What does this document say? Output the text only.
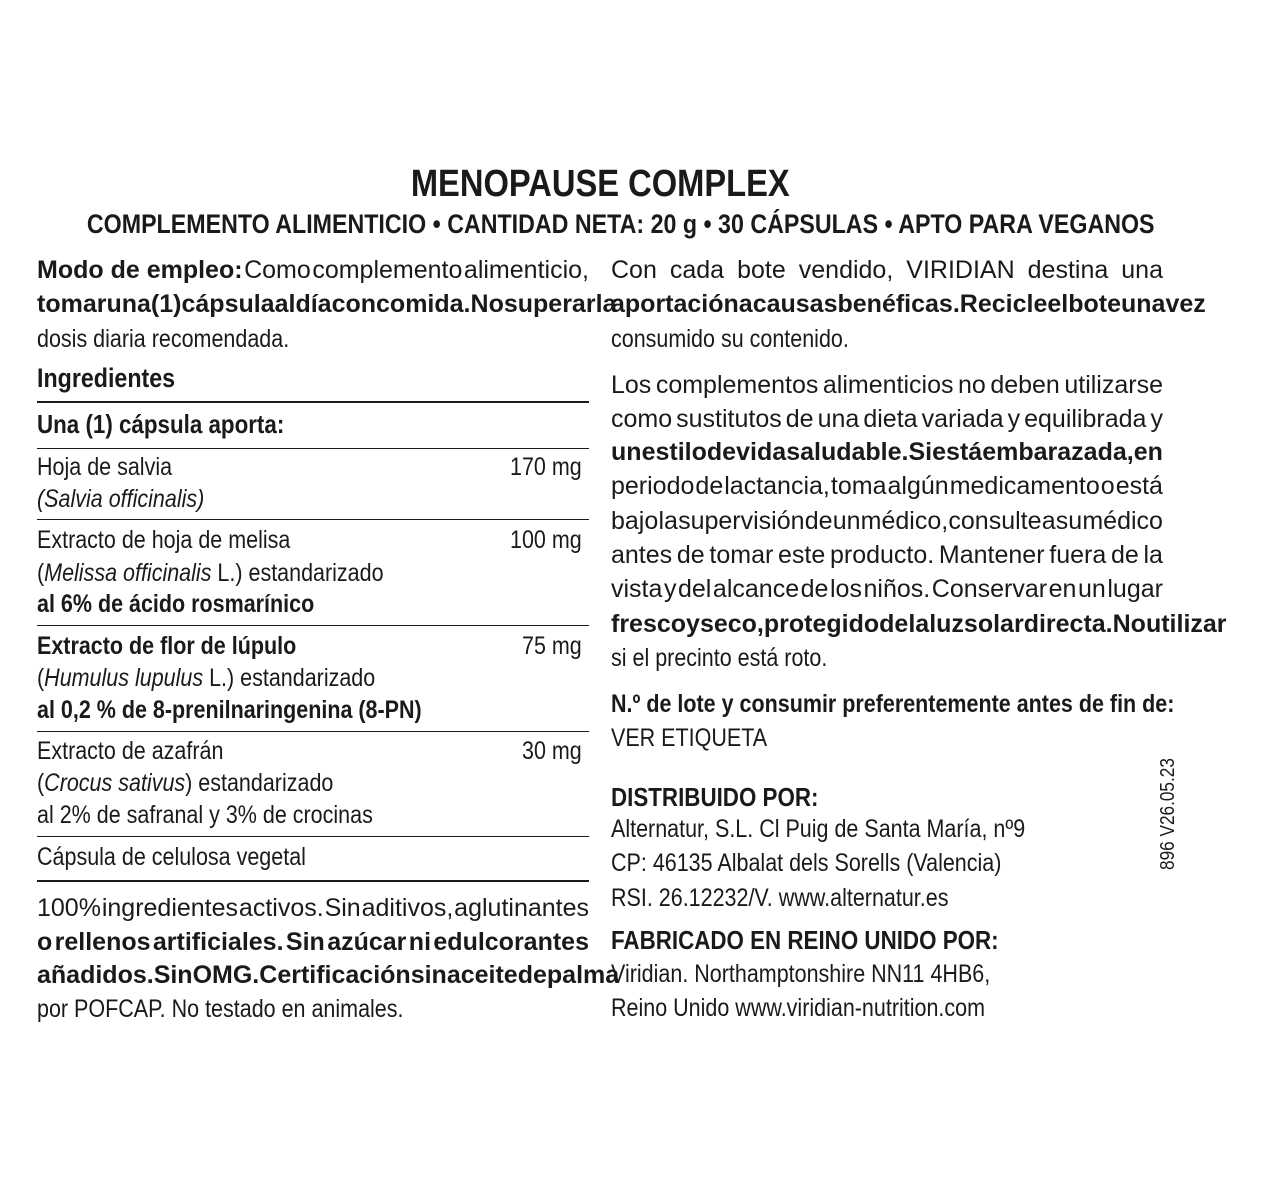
MENOPAUSE COMPLEX
COMPLEMENTO ALIMENTICIO • CANTIDAD NETA: 20 g • 30 CÁPSULAS • APTO PARA VEGANOS
Modo de empleo: Como complemento alimenticio,
tomar una (1) cápsula al día con comida. No superar la
dosis diaria recomendada.
Ingredientes
Una (1) cápsula aporta:
Hoja de salvia	170 mg
(Salvia officinalis)
Extracto de hoja de melisa	100 mg
(Melissa officinalis L.) estandarizado
al 6% de ácido rosmarínico
Extracto de flor de lúpulo	75 mg
(Humulus lupulus L.) estandarizado
al 0,2 % de 8-prenilnaringenina (8-PN)
Extracto de azafrán	30 mg
(Crocus sativus) estandarizado
al 2% de safranal y 3% de crocinas
Cápsula de celulosa vegetal
100% ingredientes activos. Sin aditivos, aglutinantes
o rellenos artificiales. Sin azúcar ni edulcorantes
añadidos. Sin OMG. Certificación sin aceite de palma
por POFCAP. No testado en animales.
Con cada bote vendido, VIRIDIAN destina una
aportación a causas benéficas. Recicle el bote una vez
consumido su contenido.
Los complementos alimenticios no deben utilizarse
como sustitutos de una dieta variada y equilibrada y
un estilo de vida saludable. Si está embarazada, en
periodo de lactancia, toma algún medicamento o está
bajo la supervisión de un médico, consulte a su médico
antes de tomar este producto. Mantener fuera de la
vista y del alcance de los niños. Conservar en un lugar
fresco y seco, protegido de la luz solar directa. No utilizar
si el precinto está roto.
N.º de lote y consumir preferentemente antes de fin de:
VER ETIQUETA
DISTRIBUIDO POR:
Alternatur, S.L. Cl Puig de Santa María, nº9
CP: 46135 Albalat dels Sorells (Valencia)
RSI. 26.12232/V. www.alternatur.es
FABRICADO EN REINO UNIDO POR:
Viridian. Northamptonshire NN11 4HB6,
Reino Unido www.viridian-nutrition.com
896 V26.05.23
